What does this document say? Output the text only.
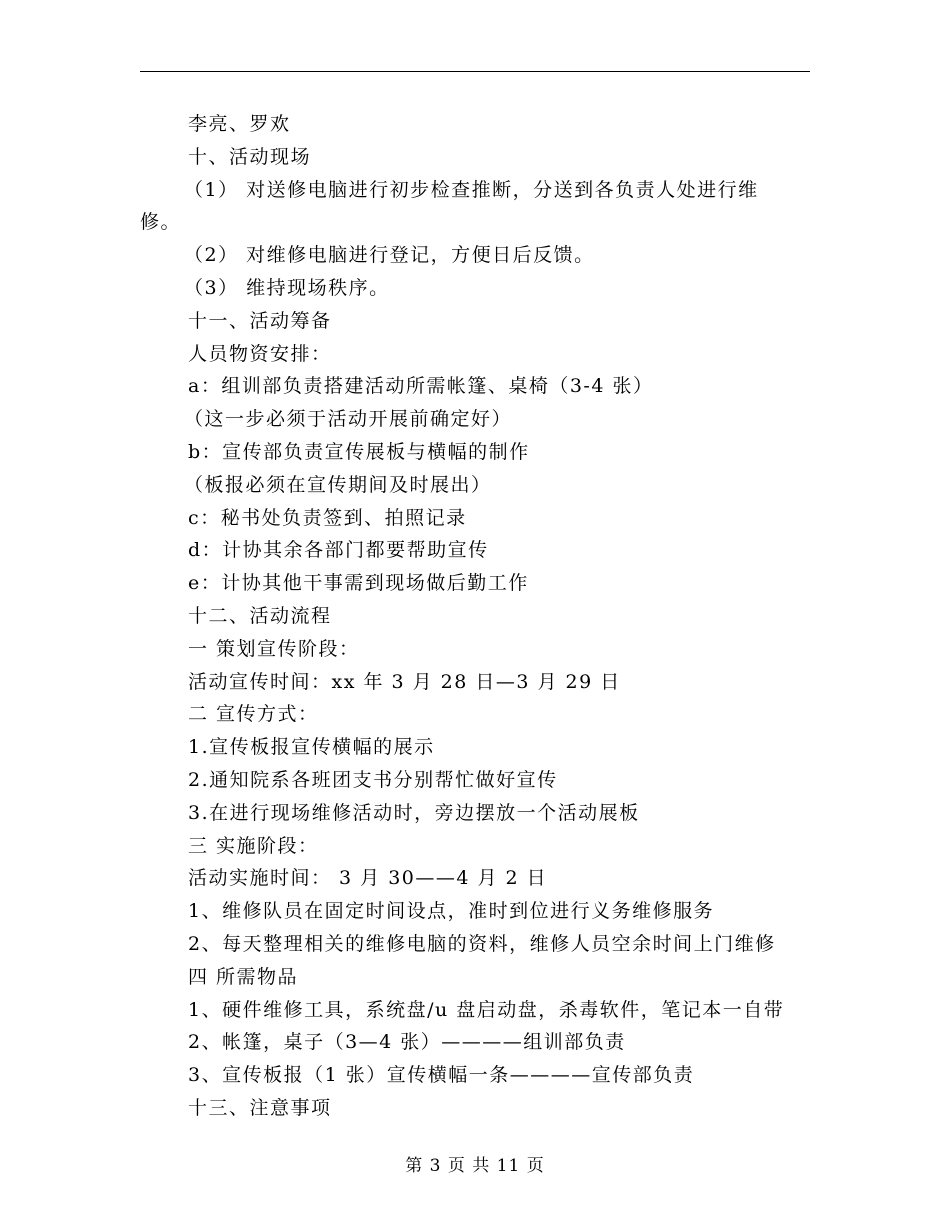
李亮、罗欢
十、活动现场
（1） 对送修电脑进行初步检查推断，分送到各负责人处进行维
修。
（2） 对维修电脑进行登记，方便日后反馈。
（3） 维持现场秩序。
十一、活动筹备
人员物资安排：
a：组训部负责搭建活动所需帐篷、桌椅（3-4 张）
（这一步必须于活动开展前确定好）
b：宣传部负责宣传展板与横幅的制作
（板报必须在宣传期间及时展出）
c：秘书处负责签到、拍照记录
d：计协其余各部门都要帮助宣传
e：计协其他干事需到现场做后勤工作
十二、活动流程
一 策划宣传阶段：
活动宣传时间：xx 年 3 月 28 日—3 月 29 日
二 宣传方式：
1.宣传板报宣传横幅的展示
2.通知院系各班团支书分别帮忙做好宣传
3.在进行现场维修活动时，旁边摆放一个活动展板
三 实施阶段：
活动实施时间： 3 月 30——4 月 2 日
1、维修队员在固定时间设点，准时到位进行义务维修服务
2、每天整理相关的维修电脑的资料，维修人员空余时间上门维修
四 所需物品
1、硬件维修工具，系统盘/u 盘启动盘，杀毒软件，笔记本一自带
2、帐篷，桌子（3—4 张）————组训部负责
3、宣传板报（1 张）宣传横幅一条————宣传部负责
十三、注意事项
第 3 页 共 11 页
